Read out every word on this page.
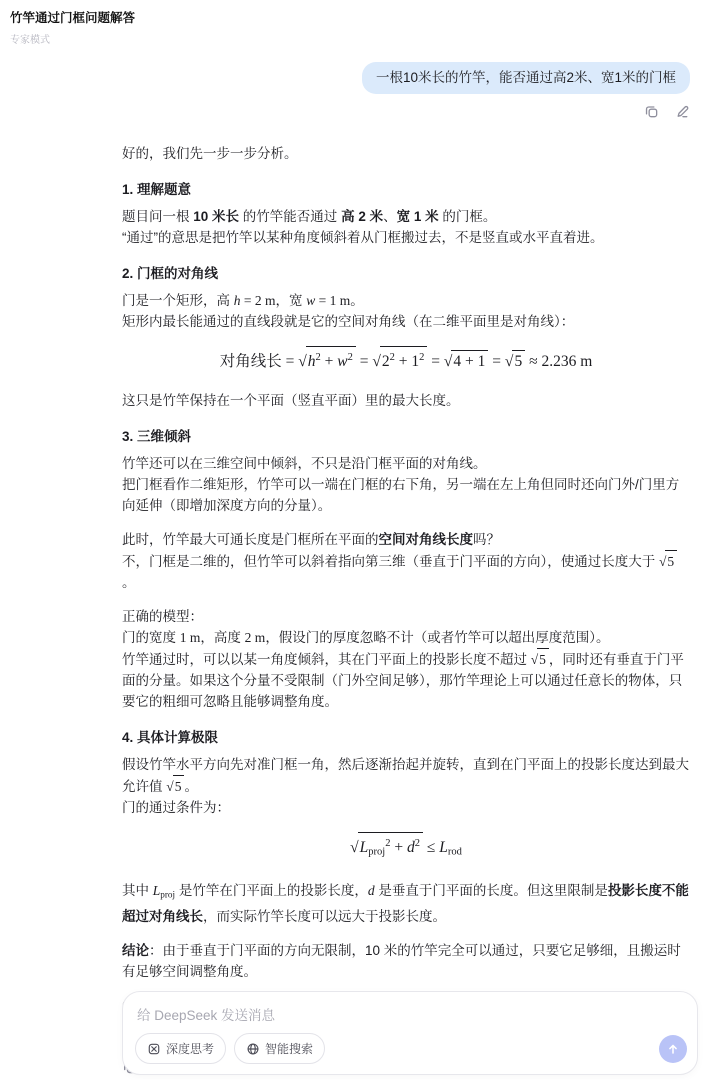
竹竿通过门框问题解答
专家模式
一根10米长的竹竿，能否通过高2米、宽1米的门框
好的，我们先一步一步分析。
1. 理解题意
题目问一根 10 米长 的竹竿能否通过 高 2 米、宽 1 米 的门框。
“通过”的意思是把竹竿以某种角度倾斜着从门框搬过去，不是竖直或水平直着进。
2. 门框的对角线
门是一个矩形，高 h = 2 m，宽 w = 1 m。
矩形内最长能通过的直线段就是它的空间对角线（在二维平面里是对角线）：
对角线长 = √ $h^2 + w^2$ = √ $2^2 + 1^2$ = √ 4 + 1 = √ 5 ≈ 2.236 m
这只是竹竿保持在一个平面（竖直平面）里的最大长度。
3. 三维倾斜
竹竿还可以在三维空间中倾斜，不只是沿门框平面的对角线。
把门框看作二维矩形，竹竿可以一端在门框的右下角，另一端在左上角但同时还向门外/门里方向延伸（即增加深度方向的分量）。
此时，竹竿最大可通长度是门框所在平面的空间对角线长度吗？
不，门框是二维的，但竹竿可以斜着指向第三维（垂直于门平面的方向），使通过长度大于 √ 5
。
正确的模型：
门的宽度 1 m，高度 2 m，假设门的厚度忽略不计（或者竹竿可以超出厚度范围）。
竹竿通过时，可以以某一角度倾斜，其在门平面上的投影长度不超过 √ 5 ，同时还有垂直于门平面的分量。如果这个分量不受限制（门外空间足够），那竹竿理论上可以通过任意长的物体，只要它的粗细可忽略且能够调整角度。
4. 具体计算极限
假设竹竿水平方向先对准门框一角，然后逐渐抬起并旋转，直到在门平面上的投影长度达到最大允许值 √ 5 。
门的通过条件为：
√ $L_{proj}^2 + d^2 \le L_{rod}$
其中 $L_{proj}$ 是竹竿在门平面上的投影长度，d 是垂直于门平面的长度。但这里限制是投影长度不能超过对角线长，而实际竹竿长度可以远大于投影长度。
结论：由于垂直于门平面的方向无限制，10 米的竹竿完全可以通过，只要它足够细，且搬运时有足够空间调整角度。
给 DeepSeek 发送消息
深度思考	智能搜索
